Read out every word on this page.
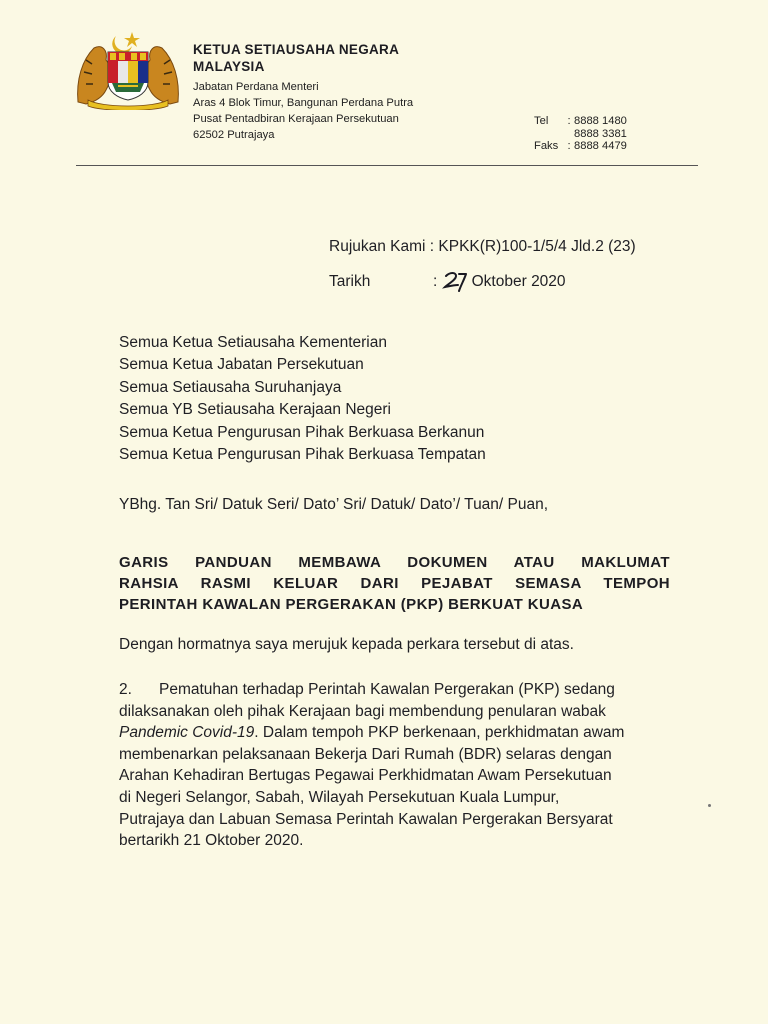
KETUA SETIAUSAHA NEGARA
MALAYSIA
Jabatan Perdana Menteri
Aras 4 Blok Timur, Bangunan Perdana Putra
Pusat Pentadbiran Kerajaan Persekutuan
62502 Putrajaya
Tel	: 8888 1480
8888 3381
Faks : 8888 4479
Rujukan Kami : KPKK(R)100-1/5/4 Jld.2 (23)
Tarikh	: Oktober 2020
Semua Ketua Setiausaha Kementerian
Semua Ketua Jabatan Persekutuan
Semua Setiausaha Suruhanjaya
Semua YB Setiausaha Kerajaan Negeri
Semua Ketua Pengurusan Pihak Berkuasa Berkanun
Semua Ketua Pengurusan Pihak Berkuasa Tempatan
YBhg. Tan Sri/ Datuk Seri/ Dato’ Sri/ Datuk/ Dato’/ Tuan/ Puan,
GARIS PANDUAN MEMBAWA DOKUMEN ATAU MAKLUMAT
RAHSIA RASMI KELUAR DARI PEJABAT SEMASA TEMPOH
PERINTAH KAWALAN PERGERAKAN (PKP) BERKUAT KUASA
Dengan hormatnya saya merujuk kepada perkara tersebut di atas.
2.	Pematuhan terhadap Perintah Kawalan Pergerakan (PKP) sedang
dilaksanakan oleh pihak Kerajaan bagi membendung penularan wabak
Pandemic Covid-19. Dalam tempoh PKP berkenaan, perkhidmatan awam
membenarkan pelaksanaan Bekerja Dari Rumah (BDR) selaras dengan
Arahan Kehadiran Bertugas Pegawai Perkhidmatan Awam Persekutuan
di Negeri Selangor, Sabah, Wilayah Persekutuan Kuala Lumpur,
Putrajaya dan Labuan Semasa Perintah Kawalan Pergerakan Bersyarat
bertarikh 21 Oktober 2020.
